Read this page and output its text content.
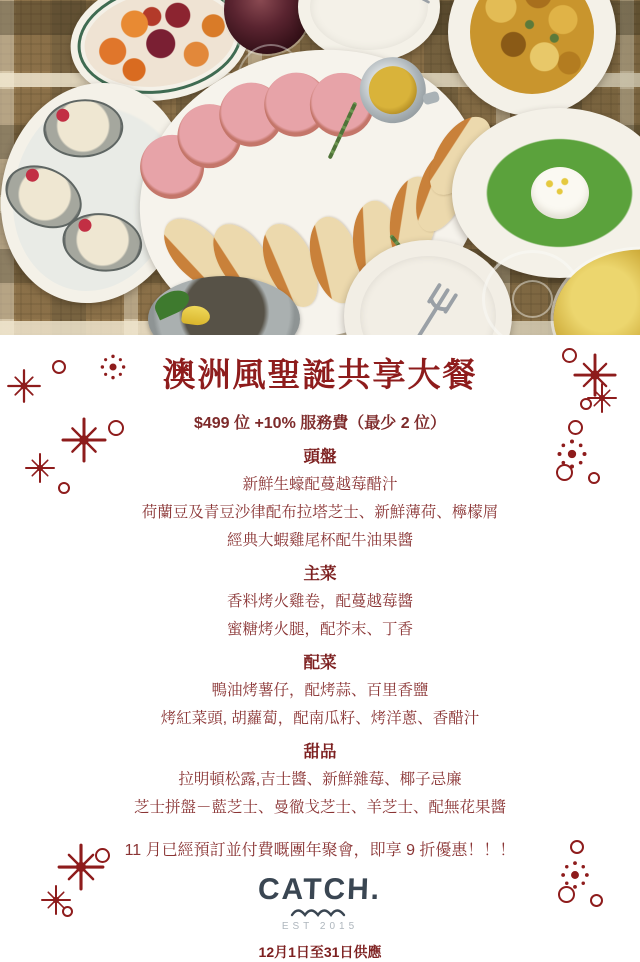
澳洲風聖誕共享大餐
$499 位 +10% 服務費（最少 2 位）
頭盤
新鮮生蠔配蔓越莓醋汁
荷蘭豆及青豆沙律配布拉塔芝士、新鮮薄荷、檸檬屑
經典大蝦雞尾杯配牛油果醬
主菜
香料烤火雞卷，配蔓越莓醬
蜜糖烤火腿，配芥末、丁香
配菜
鴨油烤薯仔，配烤蒜、百里香鹽
烤紅菜頭, 胡蘿蔔，配南瓜籽、烤洋蔥、香醋汁
甜品
拉明頓松露,吉士醬、新鮮雜莓、椰子忌廉
芝士拼盤－藍芝士、曼徹戈芝士、羊芝士、配無花果醬
11 月已經預訂並付費嘅團年聚會，即享 9 折優惠！！！
CATCH.
EST 2015
12月1日至31日供應
